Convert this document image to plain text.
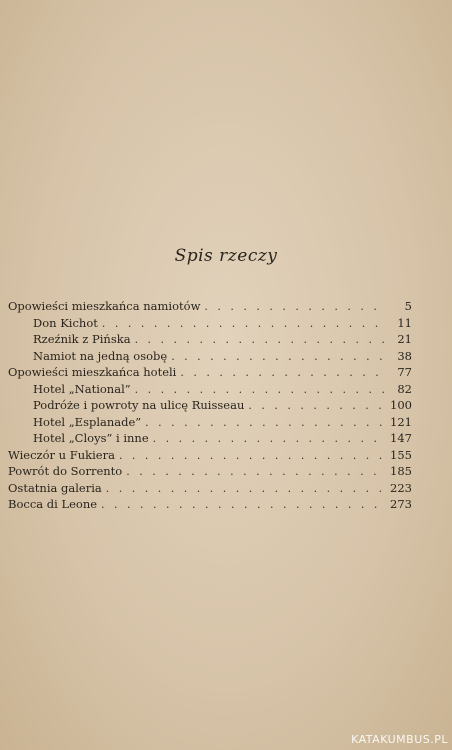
Spis rzeczy
Opowieści mieszkańca namiotów . . .	5
Don Kichot . . .	11
Rzeźnik z Pińska . . .	21
Namiot na jedną osobę . . .	38
Opowieści mieszkańca hoteli . . .	77
Hotel „National” . . .	82
Podróże i powroty na ulicę Ruisseau . . .	100
Hotel „Esplanade” . . .	121
Hotel „Cloys” i inne . . .	147
Wieczór u Fukiera . . .	155
Powrót do Sorrento . . .	185
Ostatnia galeria . . .	223
Bocca di Leone . . .	273
KATAKUMBUS.PL
